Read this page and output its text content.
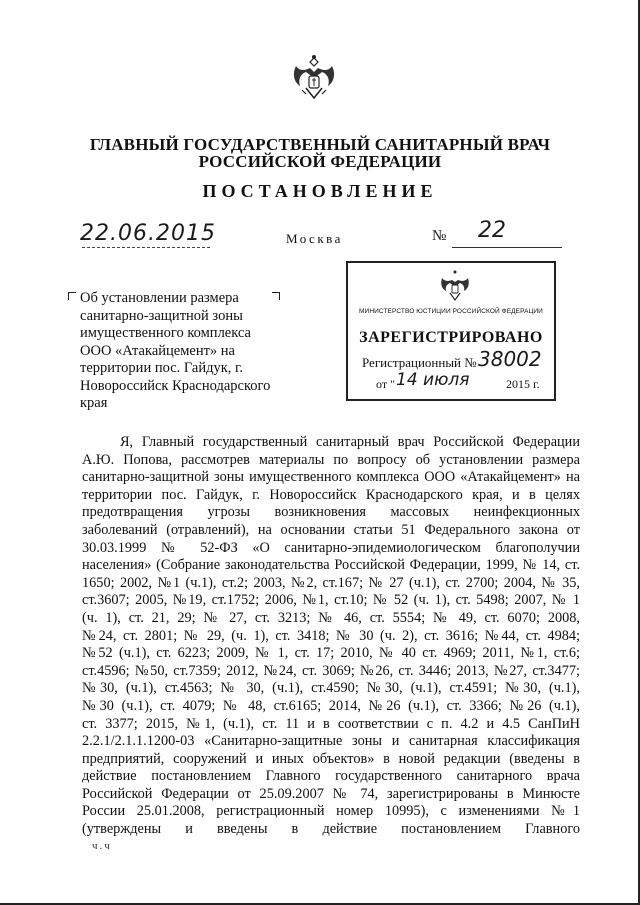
ГЛАВНЫЙ ГОСУДАРСТВЕННЫЙ САНИТАРНЫЙ ВРАЧ
РОССИЙСКОЙ ФЕДЕРАЦИИ
ПОСТАНОВЛЕНИЕ
22.06.2015	Москва	№ 22
Об установлении размера
санитарно-защитной зоны
имущественного комплекса
ООО «Атакайцемент» на
территории пос. Гайдук, г.
Новороссийск Краснодарского
края
МИНИСТЕРСТВО ЮСТИЦИИ РОССИЙСКОЙ ФЕДЕРАЦИИ
ЗАРЕГИСТРИРОВАНО
Регистрационный № 38002
от " 14 июля	2015 г.
Я, Главный государственный санитарный врач Российской Федерации
А.Ю. Попова, рассмотрев материалы по вопросу об установлении размера
санитарно-защитной зоны имущественного комплекса ООО «Атакайцемент» на
территории пос. Гайдук, г. Новороссийск Краснодарского края, и в целях
предотвращения угрозы возникновения массовых неинфекционных
заболеваний (отравлений), на основании статьи 51 Федерального закона от
30.03.1999 № 52-ФЗ «О санитарно-эпидемиологическом благополучии
населения» (Собрание законодательства Российской Федерации, 1999, № 14, ст.
1650; 2002, №1 (ч.1), ст.2; 2003, №2, ст.167; № 27 (ч.1), ст. 2700; 2004, № 35,
ст.3607; 2005, №19, ст.1752; 2006, №1, ст.10; № 52 (ч. 1), ст. 5498; 2007, № 1
(ч. 1), ст. 21, 29; № 27, ст. 3213; № 46, ст. 5554; № 49, ст. 6070; 2008,
№24, ст. 2801; № 29, (ч. 1), ст. 3418; № 30 (ч. 2), ст. 3616; №44, ст. 4984;
№52 (ч.1), ст. 6223; 2009, № 1, ст. 17; 2010, № 40 ст. 4969; 2011, №1, ст.6;
ст.4596; №50, ст.7359; 2012, №24, ст. 3069; №26, ст. 3446; 2013, №27, ст.3477;
№30, (ч.1), ст.4563; № 30, (ч.1), ст.4590; №30, (ч.1), ст.4591; №30, (ч.1),
№30 (ч.1), ст. 4079; № 48, ст.6165; 2014, №26 (ч.1), ст. 3366; №26 (ч.1),
ст. 3377; 2015, №1, (ч.1), ст. 11 и в соответствии с п. 4.2 и 4.5 СанПиН
2.2.1/2.1.1.1200-03 «Санитарно-защитные зоны и санитарная классификация
предприятий, сооружений и иных объектов» в новой редакции (введены в
действие постановлением Главного государственного санитарного врача
Российской Федерации от 25.09.2007 № 74, зарегистрированы в Минюсте
России 25.01.2008, регистрационный номер 10995), с изменениями №1
(утверждены и введены в действие постановлением Главного
ч.ч
